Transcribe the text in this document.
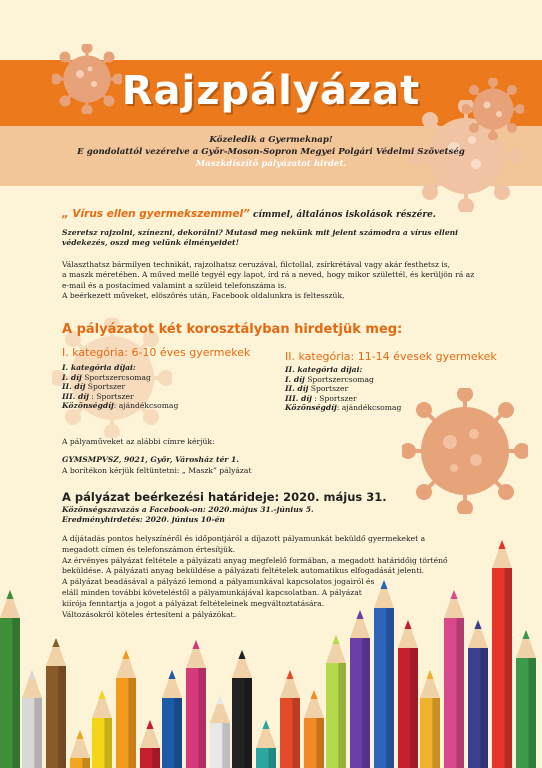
Rajzpályázat
Közeledik a Gyermeknap!
E gondolattól vezérelve a Győr-Moson-Sopron Megyei Polgári Védelmi Szövetség
Maszkdíszítő pályázatot hirdet.
„ Vírus ellen gyermekszemmel” címmel, általános iskolások részére.
Szeretsz rajzolni, színezni, dekorálni? Mutasd meg nekünk mit jelent számodra a vírus elleni
védekezés, oszd meg velünk élményeidet!
Választhatsz bármilyen technikát, rajzolhatsz ceruzával, filctollal, zsírkrétával vagy akár festhetsz is,
a maszk méretében. A műved mellé tegyél egy lapot, írd rá a neved, hogy mikor születtél, és kerüljön rá az
e-mail és a postacímed valamint a szüleid telefonszáma is.
A beérkezett műveket, elöszörés után, Facebook oldalunkra is feltesszük,
A pályázatot két korosztályban hirdetjük meg:
I. kategória: 6-10 éves gyermekek
I. kategória díjai:
I. díj Sportszercsomag
II. díj Sportszer
III. díj : Sportszer
Közönségdíj: ajándékcsomag
II. kategória: 11-14 évesek gyermekek
II. kategória díjai:
I. díj Sportszercsomag
II. díj Sportszer
III. díj : Sportszer
Közönségdíj: ajándékcsomag
A pályaműveket az alábbi címre kérjük:
GYMSMPVSZ, 9021, Győr, Városház tér 1.
A borítékon kérjük feltüntetni: „ Maszk” pályázat
A pályázat beérkezési határideje: 2020. május 31.
Közönségszavazás a Facebook-on: 2020.május 31.-június 5.
Eredményhirdetés: 2020. június 10-én
A díjátadás pontos helyszínéről és időpontjáról a díjazott pályamunkát beküldő gyermekeket a
megadott címen és telefonszámon értesítjük.
Az érvényes pályázat feltétele a pályázati anyag megfelelő formában, a megadott határidőig történő
beküldése. A pályázati anyag beküldése a pályázati feltételek automatikus elfogadását jelenti.
A pályázat beadásával a pályázó lemond a pályamunkával kapcsolatos jogairól és
eláll minden további követeléstől a pályamunkájával kapcsolatban. A pályázat
kiírója fenntartja a jogot a pályázat feltételeinek megváltoztatására.
Változásokról köteles értesíteni a pályázókat.
